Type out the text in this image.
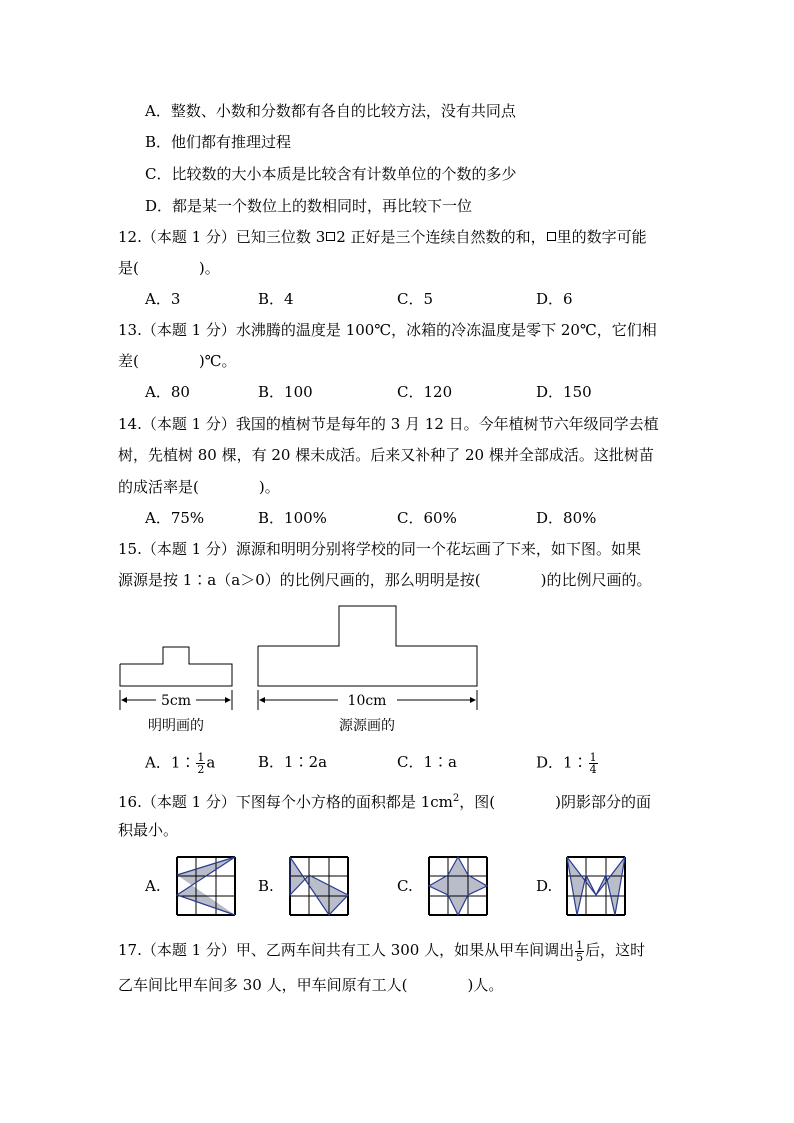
A．整数、小数和分数都有各自的比较方法，没有共同点
B．他们都有推理过程
C．比较数的大小本质是比较含有计数单位的个数的多少
D．都是某一个数位上的数相同时，再比较下一位
12.（本题 1 分）已知三位数 3 2 正好是三个连续自然数的和， 里的数字可能
是(　　　　)。
A．3	B．4	C．5	D．6
13.（本题 1 分）水沸腾的温度是 100℃，冰箱的冷冻温度是零下 20℃，它们相
差(　　　　)℃。
A．80	B．100	C．120	D．150
14.（本题 1 分）我国的植树节是每年的 3 月 12 日。今年植树节六年级同学去植
树，先植树 80 棵，有 20 棵未成活。后来又补种了 20 棵并全部成活。这批树苗
的成活率是(　　　　)。
A．75%	B．100%	C．60%	D．80%
15.（本题 1 分）源源和明明分别将学校的同一个花坛画了下来，如下图。如果
源源是按 1∶a（a＞0）的比例尺画的，那么明明是按(　　　　)的比例尺画的。
5cm
明明画的
10cm
源源画的
A．1∶ $\frac{1}{2}$ a	B．1∶2a	C．1∶a	D．1∶ $\frac{1}{4}$
16.（本题 1 分）下图每个小方格的面积都是 $1cm^2$，图(　　　　)阴影部分的面
积最小。
A.	B.	C.	D.
17.（本题 1 分）甲、乙两车间共有工人 300 人，如果从甲车间调出 $\frac{1}{5}$ 后，这时
乙车间比甲车间多 30 人，甲车间原有工人(　　　　)人。
